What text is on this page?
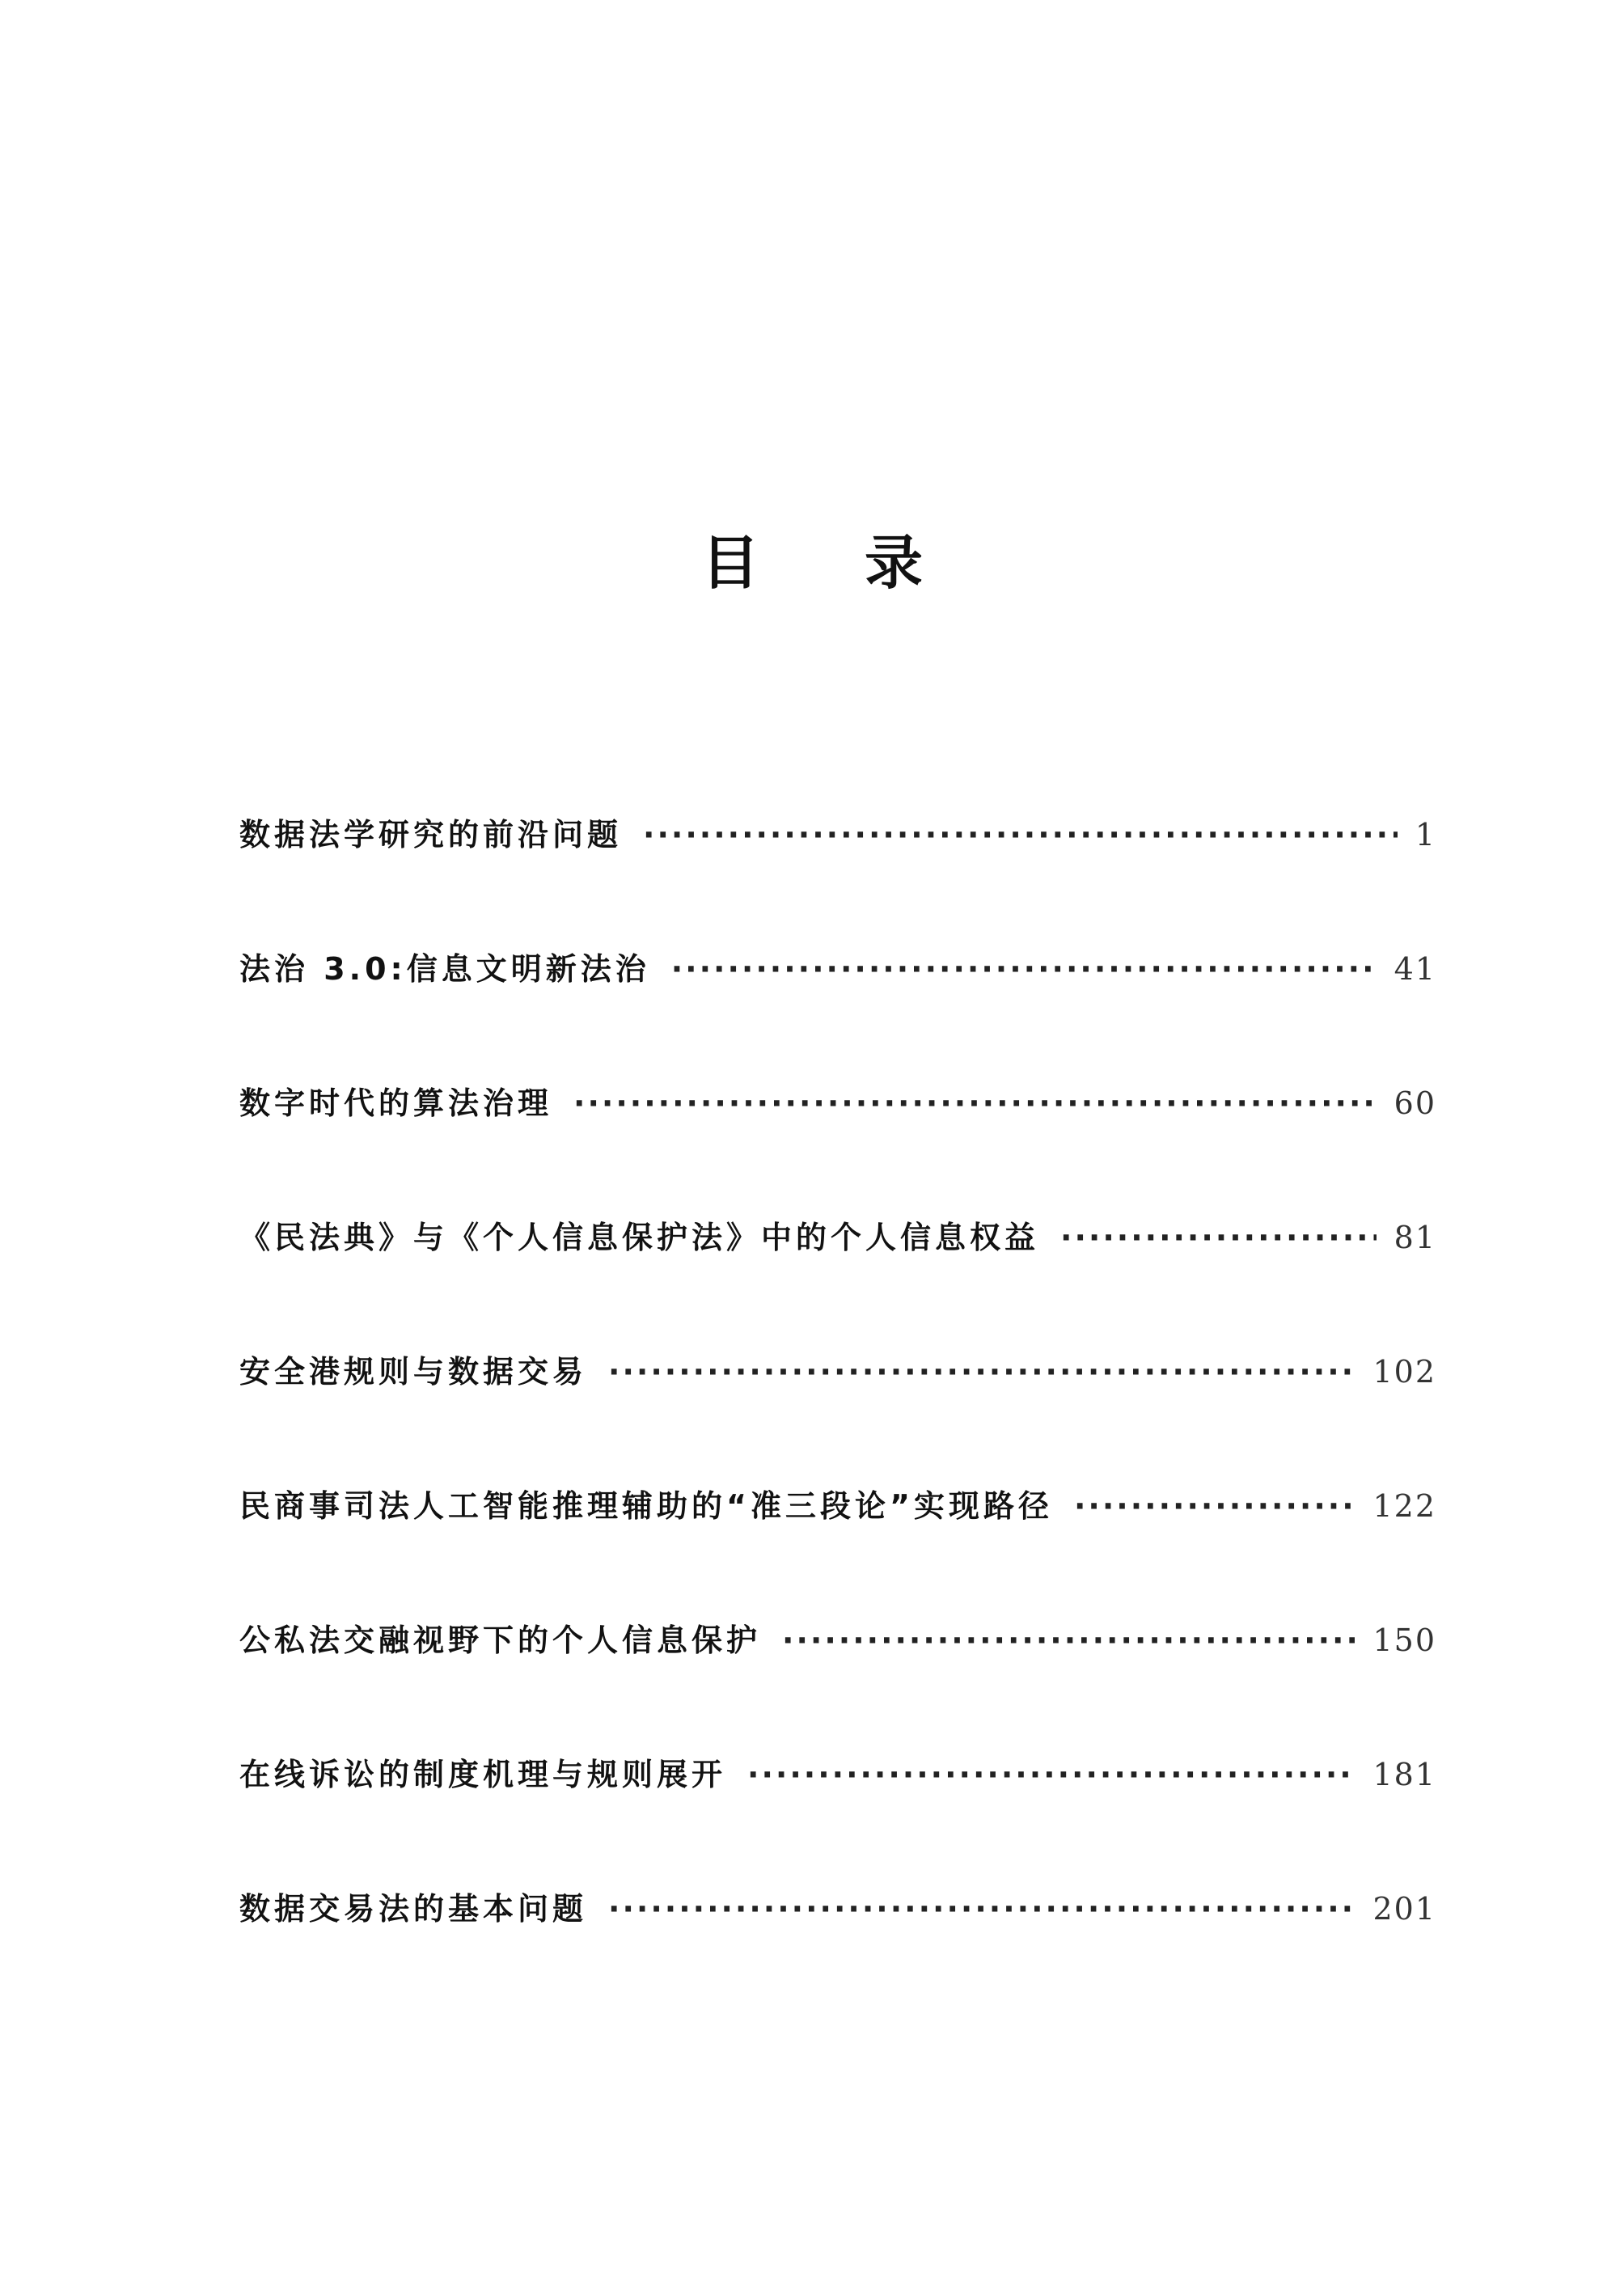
目 录
数据法学研究的前沿问题 ·····	1
法治 3.0:信息文明新法治 ·····	41
数字时代的算法治理 ·····	60
《民法典》与《个人信息保护法》中的个人信息权益 ·····	81
安全港规则与数据交易 ·····	102
民商事司法人工智能推理辅助的“准三段论”实现路径 ·····	122
公私法交融视野下的个人信息保护 ·····	150
在线诉讼的制度机理与规则展开 ·····	181
数据交易法的基本问题 ·····	201
